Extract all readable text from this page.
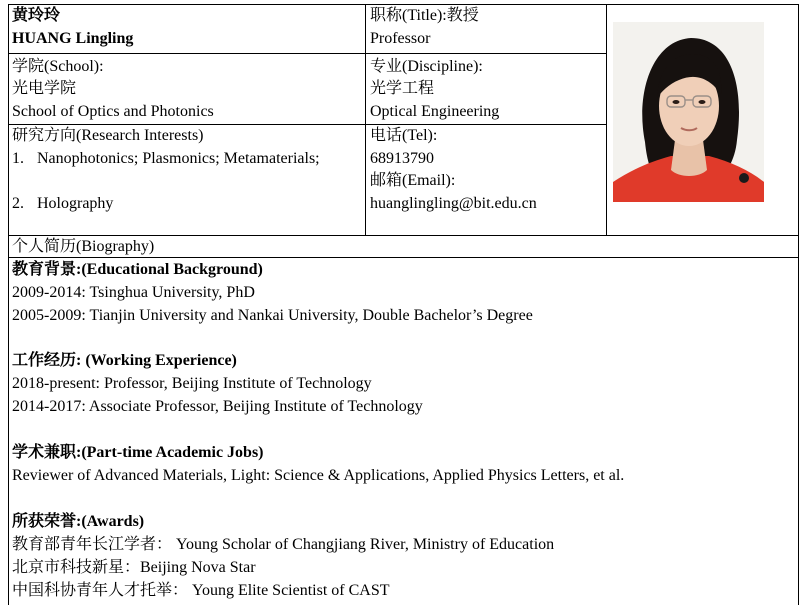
黄玲玲
HUANG Lingling
职称(Title):教授
Professor
学院(School):
光电学院
School of Optics and Photonics
专业(Discipline):
光学工程
Optical Engineering
研究方向(Research Interests)
1. Nanophotonics; Plasmonics; Metamaterials;
2. Holography
电话(Tel):
68913790
邮箱(Email):
huanglingling@bit.edu.cn
个人简历(Biography)
教育背景:(Educational Background)
2009-2014: Tsinghua University, PhD
2005-2009: Tianjin University and Nankai University, Double Bachelor’s Degree
工作经历: (Working Experience)
2018-present: Professor, Beijing Institute of Technology
2014-2017: Associate Professor, Beijing Institute of Technology
学术兼职:(Part-time Academic Jobs)
Reviewer of Advanced Materials, Light: Science & Applications, Applied Physics Letters, et al.
所获荣誉:(Awards)
教育部青年长江学者： Young Scholar of Changjiang River, Ministry of Education
北京市科技新星：Beijing Nova Star
中国科协青年人才托举： Young Elite Scientist of CAST
